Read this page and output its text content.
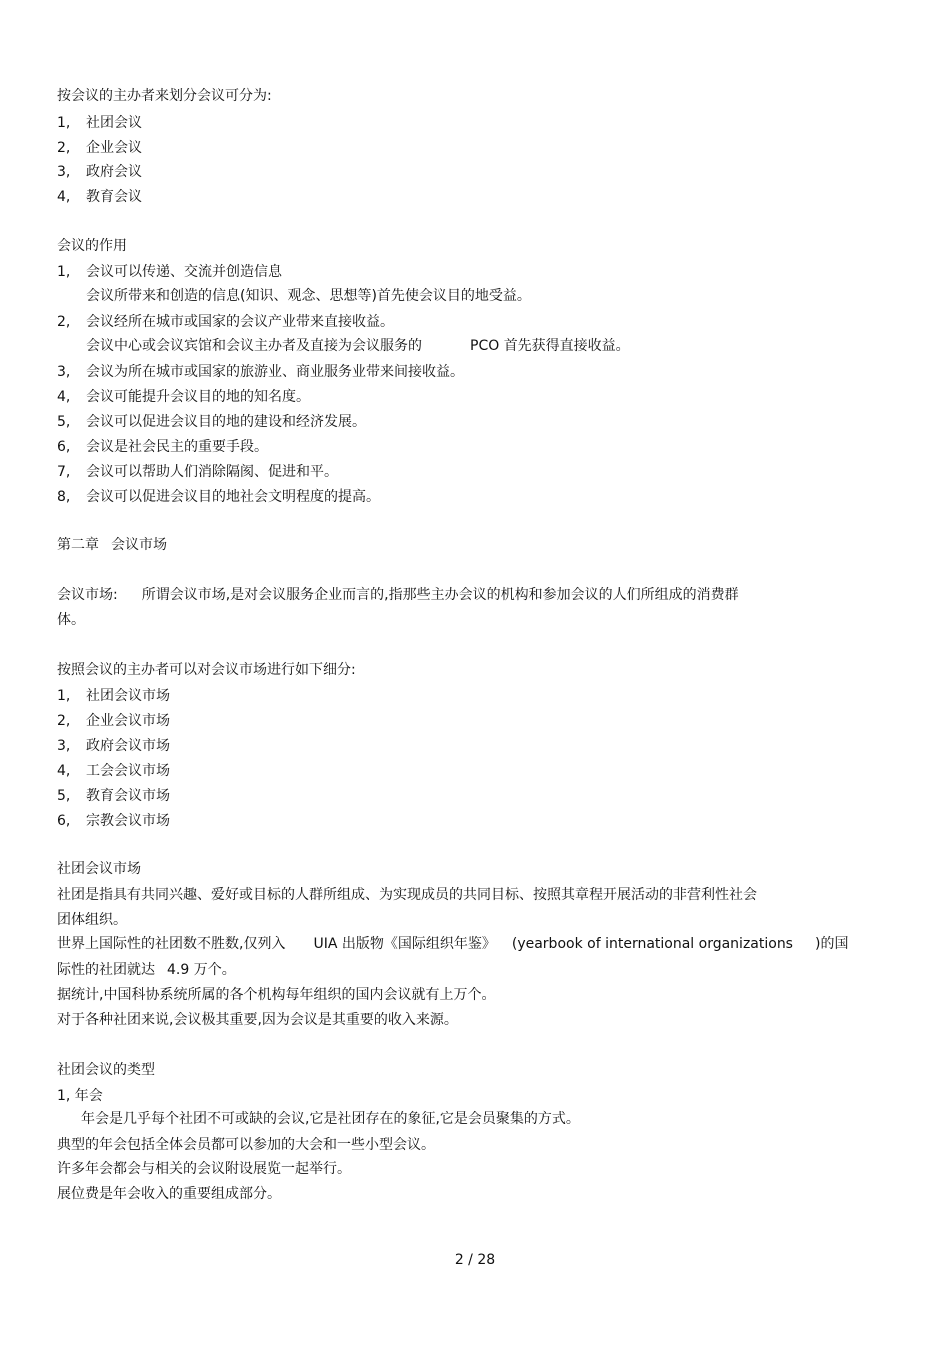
按会议的主办者来划分会议可分为:
1, 社团会议
2, 企业会议
3, 政府会议
4, 教育会议
会议的作用
1, 会议可以传递、交流并创造信息
会议所带来和创造的信息(知识、观念、思想等)首先使会议目的地受益。
2, 会议经所在城市或国家的会议产业带来直接收益。
会议中心或会议宾馆和会议主办者及直接为会议服务的	PCO 首先获得直接收益。
3, 会议为所在城市或国家的旅游业、商业服务业带来间接收益。
4, 会议可能提升会议目的地的知名度。
5, 会议可以促进会议目的地的建设和经济发展。
6, 会议是社会民主的重要手段。
7, 会议可以帮助人们消除隔阂、促进和平。
8, 会议可以促进会议目的地社会文明程度的提高。
第二章 会议市场
会议市场: 所谓会议市场,是对会议服务企业而言的,指那些主办会议的机构和参加会议的人们所组成的消费群
体。
按照会议的主办者可以对会议市场进行如下细分:
1, 社团会议市场
2, 企业会议市场
3, 政府会议市场
4, 工会会议市场
5, 教育会议市场
6, 宗教会议市场
社团会议市场
社团是指具有共同兴趣、爱好或目标的人群所组成、为实现成员的共同目标、按照其章程开展活动的非营利性社会
团体组织。
世界上国际性的社团数不胜数,仅列入 UIA 出版物《国际组织年鉴》 (yearbook of international organizations )的国
际性的社团就达 4.9 万个。
据统计,中国科协系统所属的各个机构每年组织的国内会议就有上万个。
对于各种社团来说,会议极其重要,因为会议是其重要的收入来源。
社团会议的类型
1, 年会
年会是几乎每个社团不可或缺的会议,它是社团存在的象征,它是会员聚集的方式。
典型的年会包括全体会员都可以参加的大会和一些小型会议。
许多年会都会与相关的会议附设展览一起举行。
展位费是年会收入的重要组成部分。
2 / 28
